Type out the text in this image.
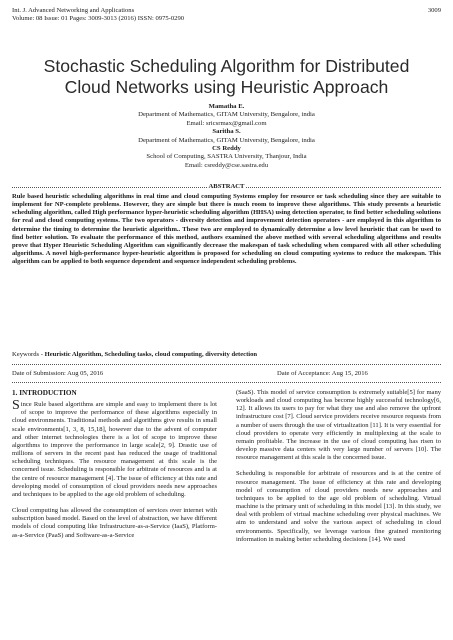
Int. J. Advanced Networking and Applications
Volume: 08 Issue: 01 Pages: 3009-3013 (2016) ISSN: 0975-0290
3009
Stochastic Scheduling Algorithm for Distributed
Cloud Networks using Heuristic Approach
Mamatha E.
Department of Mathematics, GITAM University, Bengalore, india
Email: sricsrmax@gmail.com
Saritha S.
Department of Mathematics, GITAM University, Bengalore, india
CS Reddy
School of Computing, SASTRA University, Thanjour, India
Email: csreddy@cse.sastra.edu
ABSTRACT
Rule based heuristic scheduling algorithms in real time and cloud computing Systems employ for resource or task scheduling since they are suitable to implement for NP-complete problems. However, they are simple but there is much room to improve these algorithms. This study presents a heuristic scheduling algorithm, called High performance hyper-heuristic scheduling algorithm (HHSA) using detection operator, to find better scheduling solutions for real and cloud computing systems. The two operators - diversity detection and improvement detection operators - are employed in this algorithm to determine the timing to determine the heuristic algorithm.. These two are employed to dynamically determine a low level heuristic that can be used to find better solution. To evaluate the performance of this method, authors examined the above method with several scheduling algorithms and results prove that Hyper Heuristic Scheduling Algorithm can significantly decrease the makespan of task scheduling when compared with all other scheduling algorithms. A novel high-performance hyper-heuristic algorithm is proposed for scheduling on cloud computing systems to reduce the makespan. This algorithm can be applied to both sequence dependent and sequence independent scheduling problems.
Keywords - Heuristic Algorithm, Scheduling tasks, cloud computing, diversity detection
Date of Submission: Aug 05, 2016	Date of Acceptance: Aug 15, 2016
1. INTRODUCTION

Since Rule based algorithms are simple and easy to implement there is lot of scope to improve the performance of these algorithms especially in cloud environments. Traditional methods and algorithms give results in small scale environments[1, 3, 8, 15,18], however due to the advent of computer and other internet technologies there is a lot of scope to improve these algorithms to improve the performance in large scale[2, 9]. Drastic use of millions of servers in the recent past has reduced the usage of traditional scheduling techniques. The resource management at this scale is the concerned issue. Scheduling is responsible for arbitrate of resources and is at the centre of resource management [4]. The issue of efficiency at this rate and developing model of consumption of cloud providers needs new approaches and techniques to be applied to the age old problem of scheduling.

Cloud computing has allowed the consumption of services over internet with subscription based model. Based on the level of abstraction, we have different models of cloud computing like Infrastructure-as-a-Service (IaaS), Platform-as-a-Service (PaaS) and Software-as-a-Service

(SaaS). This model of service consumption is extremely suitable[5] for many workloads and cloud computing has become highly successful technology[6, 12]. It allows its users to pay for what they use and also remove the upfront infrastructure cost [7]. Cloud service providers receive resource requests from a number of users through the use of virtualization [11]. It is very essential for cloud providers to operate very efficiently in multiplexing at the scale to remain profitable. The increase in the use of cloud computing has risen to develop massive data centers with very large number of servers [10]. The resource management at this scale is the concerned issue.

Scheduling is responsible for arbitrate of resources and is at the centre of resource management. The issue of efficiency at this rate and developing model of consumption of cloud providers needs new approaches and techniques to be applied to the age old problem of scheduling. Virtual machine is the primary unit of scheduling in this model [13]. In this study, we deal with problem of virtual machine scheduling over physical machines. We aim to understand and solve the various aspect of scheduling in cloud environments. Specifically, we leverage various fine grained monitoring information in making better scheduling decisions [14]. We used
